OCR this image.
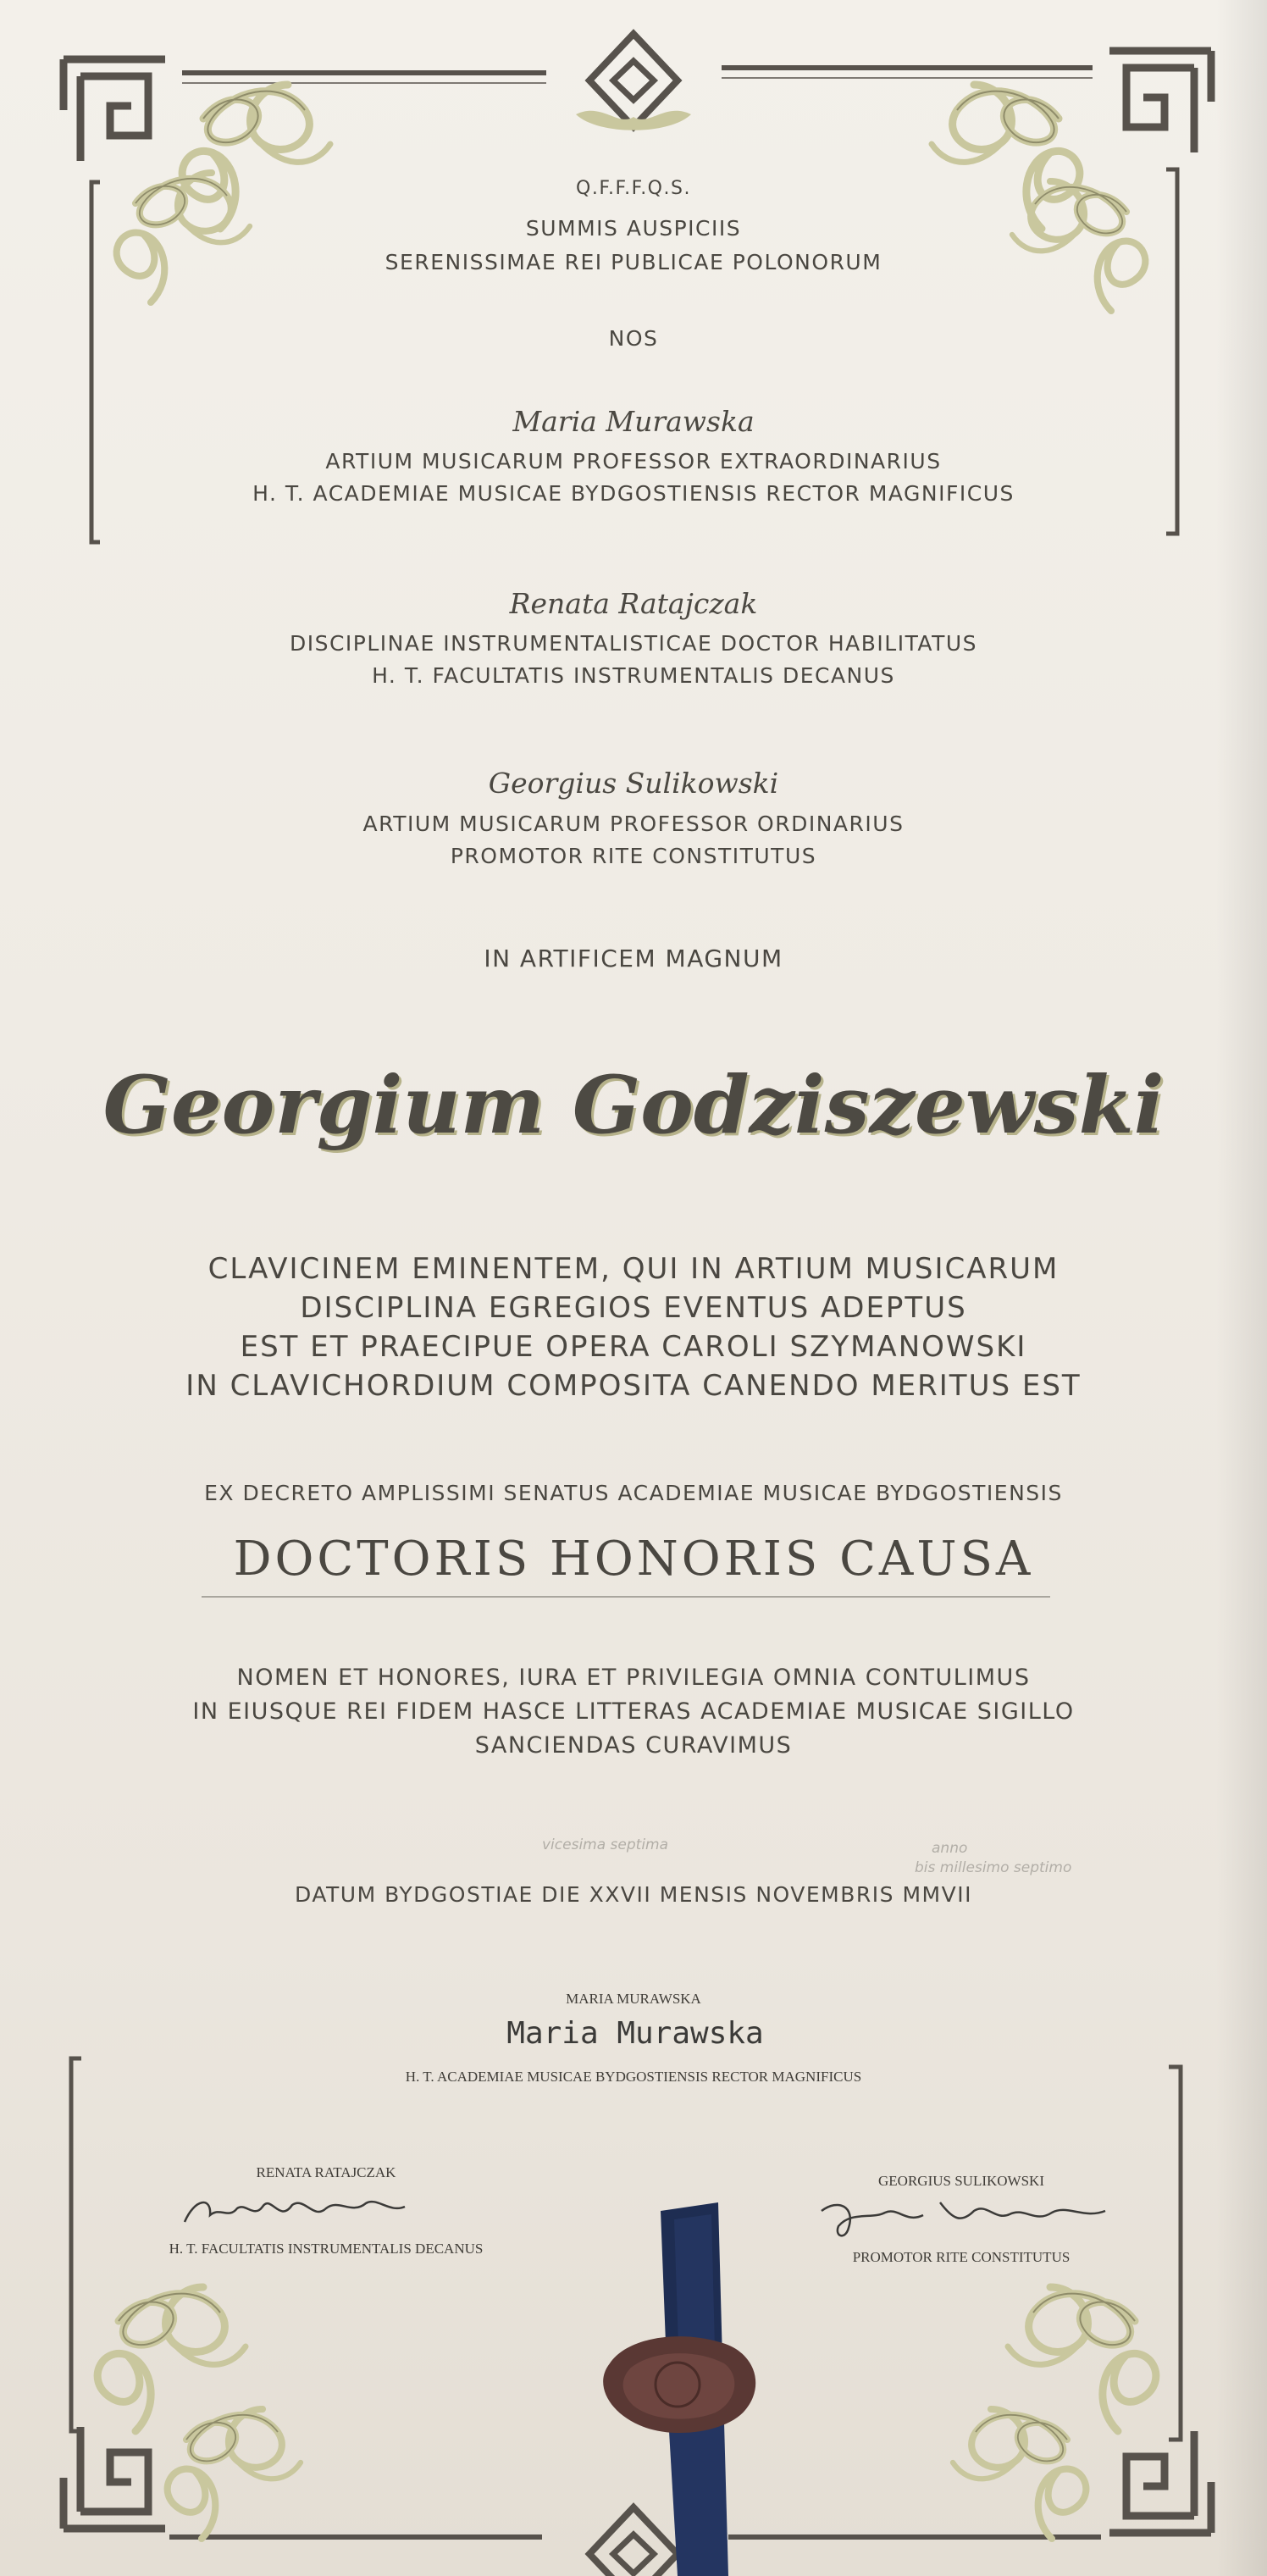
Q.F.F.F.Q.S.
SUMMIS AUSPICIIS
SERENISSIMAE REI PUBLICAE POLONORUM
NOS
Maria Murawska
ARTIUM MUSICARUM PROFESSOR EXTRAORDINARIUS
H. T. ACADEMIAE MUSICAE BYDGOSTIENSIS RECTOR MAGNIFICUS
Renata Ratajczak
DISCIPLINAE INSTRUMENTALISTICAE DOCTOR HABILITATUS
H. T. FACULTATIS INSTRUMENTALIS DECANUS
Georgius Sulikowski
ARTIUM MUSICARUM PROFESSOR ORDINARIUS
PROMOTOR RITE CONSTITUTUS
IN ARTIFICEM MAGNUM
Georgium Godziszewski
CLAVICINEM EMINENTEM, QUI IN ARTIUM MUSICARUM
DISCIPLINA EGREGIOS EVENTUS ADEPTUS
EST ET PRAECIPUE OPERA CAROLI SZYMANOWSKI
IN CLAVICHORDIUM COMPOSITA CANENDO MERITUS EST
EX DECRETO AMPLISSIMI SENATUS ACADEMIAE MUSICAE BYDGOSTIENSIS
DOCTORIS HONORIS CAUSA
NOMEN ET HONORES, IURA ET PRIVILEGIA OMNIA CONTULIMUS
IN EIUSQUE REI FIDEM HASCE LITTERAS ACADEMIAE MUSICAE SIGILLO
SANCIENDAS CURAVIMUS
vicesima septima	anno
bis millesimo septimo
DATUM BYDGOSTIAE DIE XXVII MENSIS NOVEMBRIS MMVII
MARIA MURAWSKA
Maria Murawska
H. T. ACADEMIAE MUSICAE BYDGOSTIENSIS RECTOR MAGNIFICUS
RENATA RATAJCZAK
H. T. FACULTATIS INSTRUMENTALIS DECANUS
GEORGIUS SULIKOWSKI
PROMOTOR RITE CONSTITUTUS
